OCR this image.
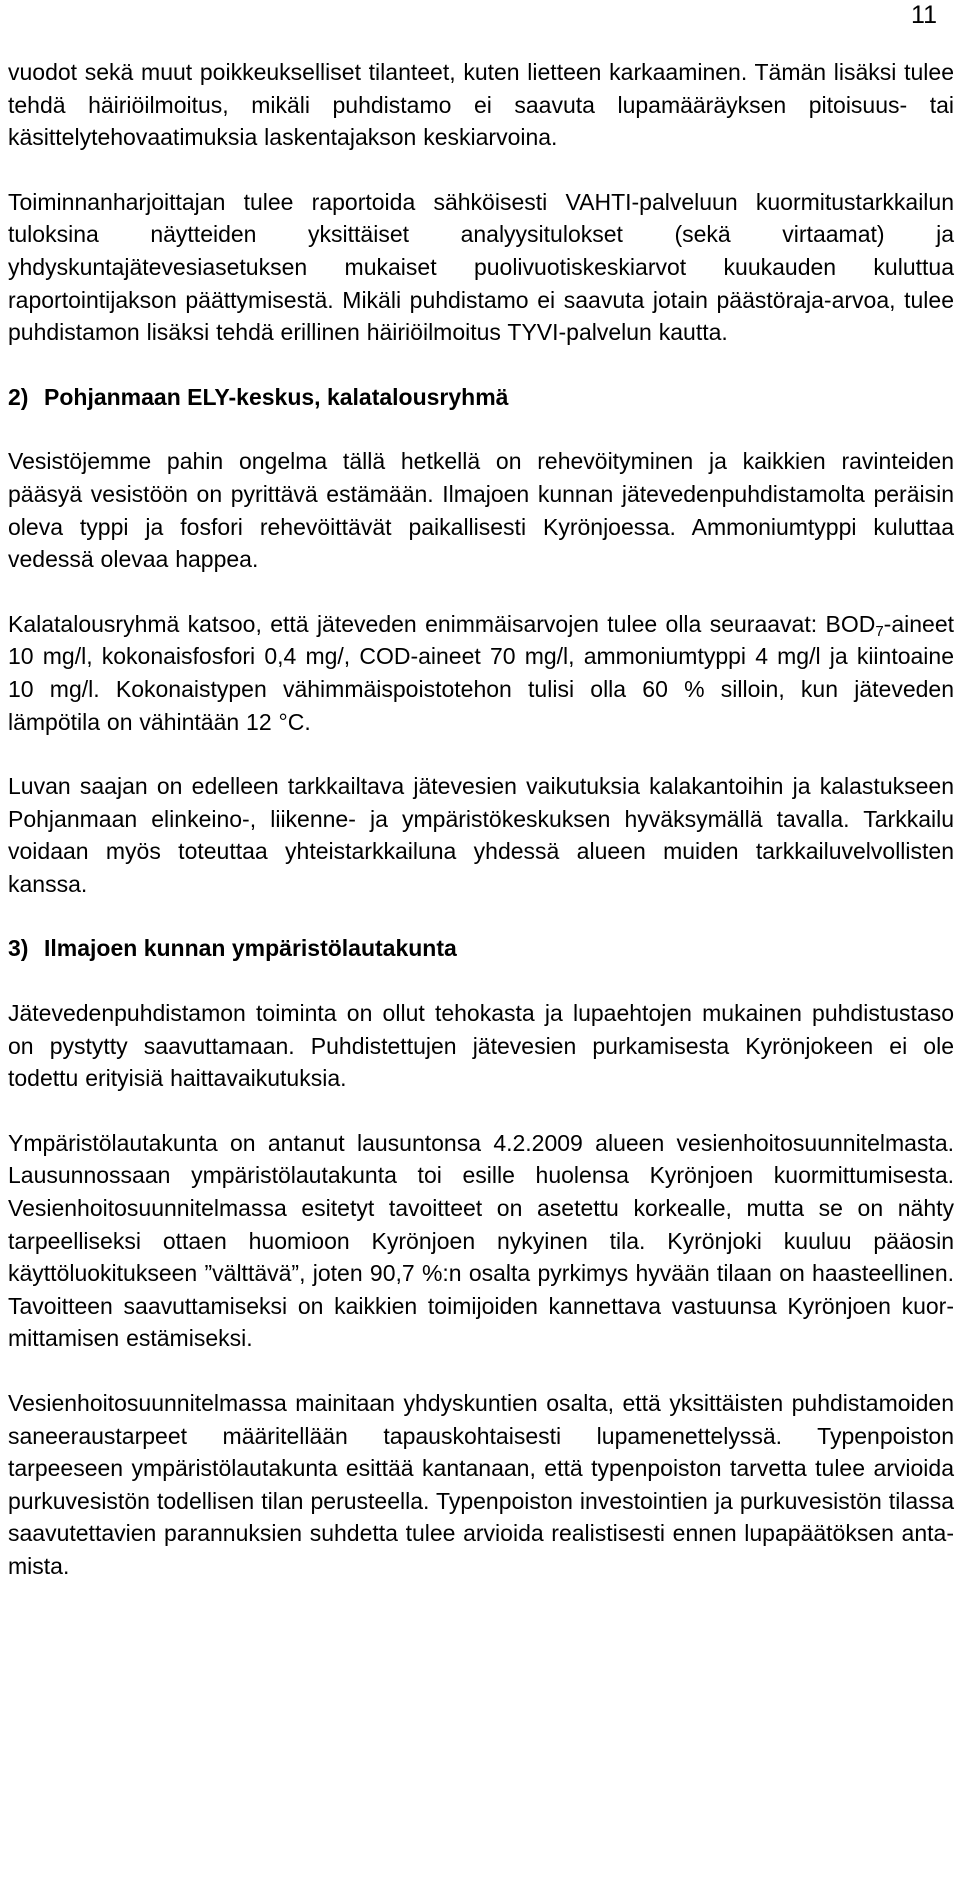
11

vuodot sekä muut poikkeukselliset tilanteet, kuten lietteen karkaaminen. Tämän lisäksi tulee tehdä häiriöilmoitus, mikäli puhdistamo ei saavuta lupamääräyksen pitoisuus- tai käsittelytehovaatimuksia laskentajakson keskiarvoina.

Toiminnanharjoittajan tulee raportoida sähköisesti VAHTI-palveluun kuormitustarkkailun tuloksina näytteiden yksittäiset analyysitulokset (sekä virtaamat) ja yhdyskuntajätevesiasetuksen mukaiset puolivuotiskeskiarvot kuukauden kuluttua raportointijakson päättymisestä. Mikäli puhdistamo ei saavuta jotain päästöraja-arvoa, tulee puhdistamon lisäksi tehdä erillinen häiriöilmoitus TYVI-palvelun kautta.

2) Pohjanmaan ELY-keskus, kalatalousryhmä

Vesistöjemme pahin ongelma tällä hetkellä on rehevöityminen ja kaikkien ravinteiden pääsyä vesistöön on pyrittävä estämään. Ilmajoen kunnan jätevedenpuhdistamolta peräisin oleva typpi ja fosfori rehevöittävät paikallisesti Kyrönjoessa. Ammoniumtyppi kuluttaa vedessä olevaa happea.

Kalatalousryhmä katsoo, että jäteveden enimmäisarvojen tulee olla seuraavat: $BOD_7$-aineet 10 mg/l, kokonaisfosfori 0,4 mg/, COD-aineet 70 mg/l, ammoniumtyppi 4 mg/l ja kiintoaine 10 mg/l. Kokonaistypen vähimmäispoistotehon tulisi olla 60 % silloin, kun jäteveden lämpötila on vähintään 12 °C.

Luvan saajan on edelleen tarkkailtava jätevesien vaikutuksia kalakantoihin ja kalastukseen Pohjanmaan elinkeino-, liikenne- ja ympäristökeskuksen hyväksymällä tavalla. Tarkkailu voidaan myös toteuttaa yhteistarkkailuna yhdessä alueen muiden tarkkailuvelvollisten kanssa.

3) Ilmajoen kunnan ympäristölautakunta

Jätevedenpuhdistamon toiminta on ollut tehokasta ja lupaehtojen mukainen puhdistustaso on pystytty saavuttamaan. Puhdistettujen jätevesien purkamisesta Kyrönjokeen ei ole todettu erityisiä haittavaikutuksia.

Ympäristölautakunta on antanut lausuntonsa 4.2.2009 alueen vesienhoitosuunnitelmasta. Lausunnossaan ympäristölautakunta toi esille huolensa Kyrönjoen kuormittumisesta. Vesienhoitosuunnitelmassa esitetyt tavoitteet on asetettu korkealle, mutta se on nähty tarpeelliseksi ottaen huomioon Kyrönjoen nykyinen tila. Kyrönjoki kuuluu pääosin käyttöluokitukseen ”välttävä”, joten 90,7 %:n osalta pyrkimys hyvään tilaan on haasteellinen. Tavoitteen saavuttamiseksi on kaikkien toimijoiden kannettava vastuunsa Kyrönjoen kuormittamisen estämiseksi.

Vesienhoitosuunnitelmassa mainitaan yhdyskuntien osalta, että yksittäisten puhdistamoiden saneeraustarpeet määritellään tapauskohtaisesti lupamenettelyssä. Typenpoiston tarpeeseen ympäristölautakunta esittää kantanaan, että typenpoiston tarvetta tulee arvioida purkuvesistön todellisen tilan perusteella. Typenpoiston investointien ja purkuvesistön tilassa saavutettavien parannuksien suhdetta tulee arvioida realistisesti ennen lupapäätöksen antamista.
